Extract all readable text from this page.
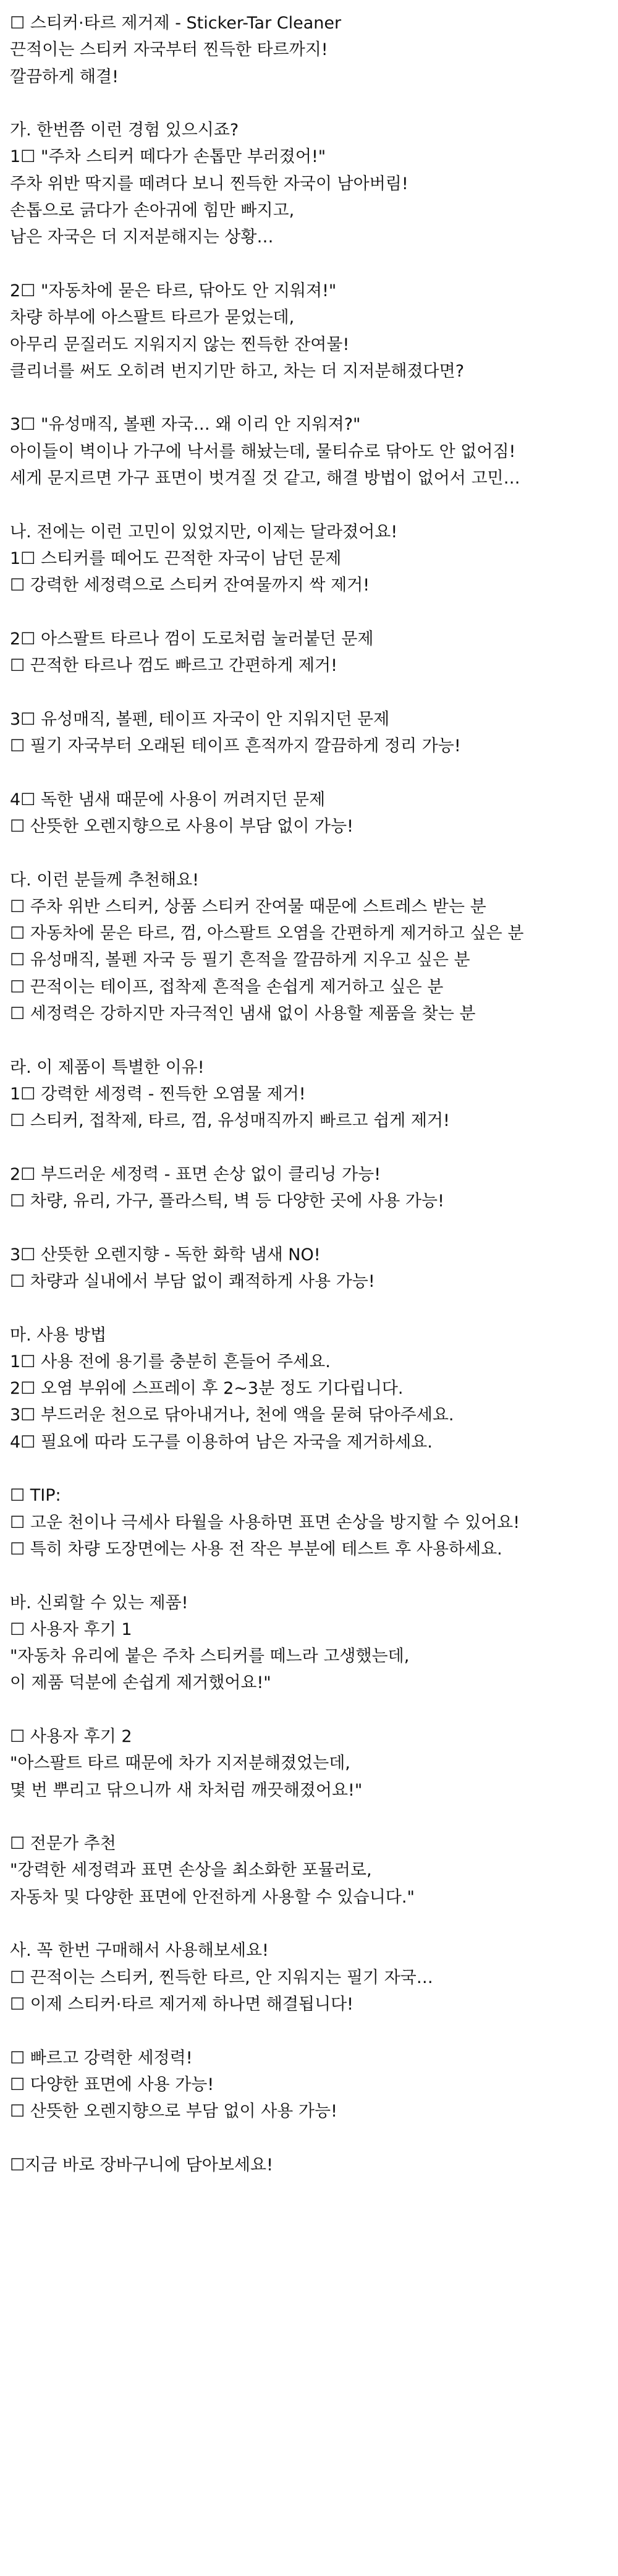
☐ 스티커·타르 제거제 - Sticker-Tar Cleaner
끈적이는 스티커 자국부터 찐득한 타르까지!
깔끔하게 해결!
가. 한번쯤 이런 경험 있으시죠?
1☐ "주차 스티커 떼다가 손톱만 부러졌어!"
주차 위반 딱지를 떼려다 보니 찐득한 자국이 남아버림!
손톱으로 긁다가 손아귀에 힘만 빠지고,
남은 자국은 더 지저분해지는 상황…
2☐ "자동차에 묻은 타르, 닦아도 안 지워져!"
차량 하부에 아스팔트 타르가 묻었는데,
아무리 문질러도 지워지지 않는 찐득한 잔여물!
클리너를 써도 오히려 번지기만 하고, 차는 더 지저분해졌다면?
3☐ "유성매직, 볼펜 자국… 왜 이리 안 지워져?"
아이들이 벽이나 가구에 낙서를 해놨는데, 물티슈로 닦아도 안 없어짐!
세게 문지르면 가구 표면이 벗겨질 것 같고, 해결 방법이 없어서 고민…
나. 전에는 이런 고민이 있었지만, 이제는 달라졌어요!
1☐ 스티커를 떼어도 끈적한 자국이 남던 문제
☐ 강력한 세정력으로 스티커 잔여물까지 싹 제거!
2☐ 아스팔트 타르나 껌이 도로처럼 눌러붙던 문제
☐ 끈적한 타르나 껌도 빠르고 간편하게 제거!
3☐ 유성매직, 볼펜, 테이프 자국이 안 지워지던 문제
☐ 필기 자국부터 오래된 테이프 흔적까지 깔끔하게 정리 가능!
4☐ 독한 냄새 때문에 사용이 꺼려지던 문제
☐ 산뜻한 오렌지향으로 사용이 부담 없이 가능!
다. 이런 분들께 추천해요!
☐ 주차 위반 스티커, 상품 스티커 잔여물 때문에 스트레스 받는 분
☐ 자동차에 묻은 타르, 껌, 아스팔트 오염을 간편하게 제거하고 싶은 분
☐ 유성매직, 볼펜 자국 등 필기 흔적을 깔끔하게 지우고 싶은 분
☐ 끈적이는 테이프, 접착제 흔적을 손쉽게 제거하고 싶은 분
☐ 세정력은 강하지만 자극적인 냄새 없이 사용할 제품을 찾는 분
라. 이 제품이 특별한 이유!
1☐ 강력한 세정력 - 찐득한 오염물 제거!
☐ 스티커, 접착제, 타르, 껌, 유성매직까지 빠르고 쉽게 제거!
2☐ 부드러운 세정력 - 표면 손상 없이 클리닝 가능!
☐ 차량, 유리, 가구, 플라스틱, 벽 등 다양한 곳에 사용 가능!
3☐ 산뜻한 오렌지향 - 독한 화학 냄새 NO!
☐ 차량과 실내에서 부담 없이 쾌적하게 사용 가능!
마. 사용 방법
1☐ 사용 전에 용기를 충분히 흔들어 주세요.
2☐ 오염 부위에 스프레이 후 2~3분 정도 기다립니다.
3☐ 부드러운 천으로 닦아내거나, 천에 액을 묻혀 닦아주세요.
4☐ 필요에 따라 도구를 이용하여 남은 자국을 제거하세요.
☐ TIP:
☐ 고운 천이나 극세사 타월을 사용하면 표면 손상을 방지할 수 있어요!
☐ 특히 차량 도장면에는 사용 전 작은 부분에 테스트 후 사용하세요.
바. 신뢰할 수 있는 제품!
☐ 사용자 후기 1
"자동차 유리에 붙은 주차 스티커를 떼느라 고생했는데,
이 제품 덕분에 손쉽게 제거했어요!"
☐ 사용자 후기 2
"아스팔트 타르 때문에 차가 지저분해졌었는데,
몇 번 뿌리고 닦으니까 새 차처럼 깨끗해졌어요!"
☐ 전문가 추천
"강력한 세정력과 표면 손상을 최소화한 포뮬러로,
자동차 및 다양한 표면에 안전하게 사용할 수 있습니다."
사. 꼭 한번 구매해서 사용해보세요!
☐ 끈적이는 스티커, 찐득한 타르, 안 지워지는 필기 자국…
☐ 이제 스티커·타르 제거제 하나면 해결됩니다!
☐ 빠르고 강력한 세정력!
☐ 다양한 표면에 사용 가능!
☐ 산뜻한 오렌지향으로 부담 없이 사용 가능!
☐지금 바로 장바구니에 담아보세요!
